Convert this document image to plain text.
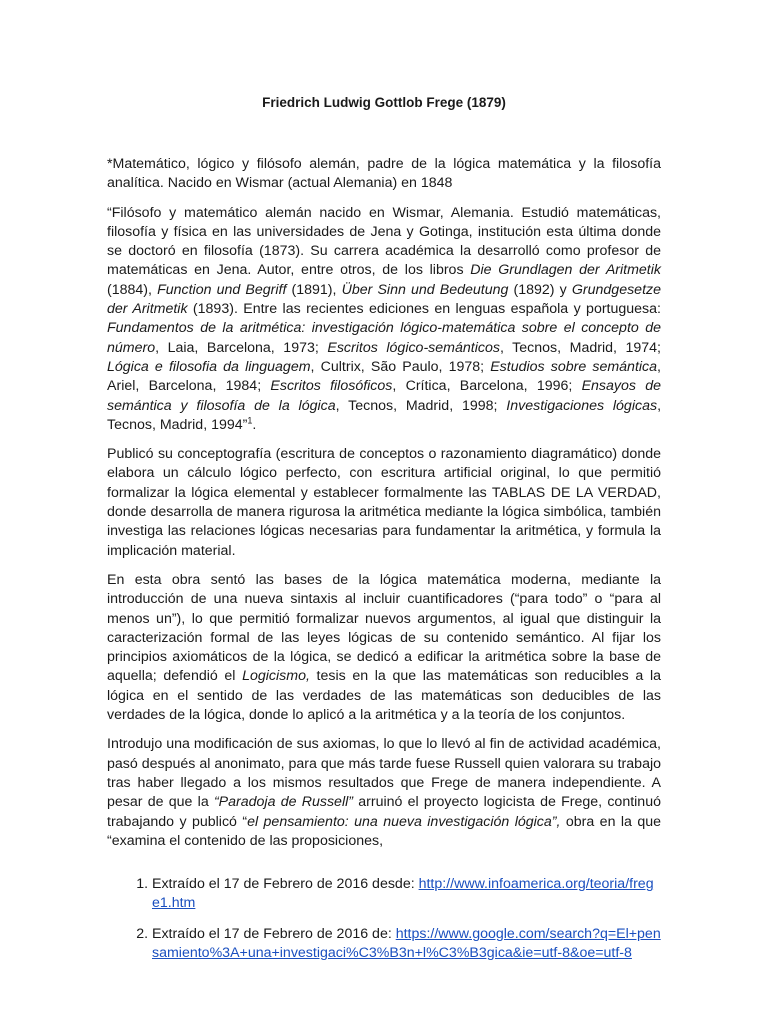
Friedrich Ludwig Gottlob Frege (1879)

*Matemático, lógico y filósofo alemán, padre de la lógica matemática y la filosofía analítica. Nacido en Wismar (actual Alemania) en 1848

“Filósofo y matemático alemán nacido en Wismar, Alemania. Estudió matemáticas, filosofía y física en las universidades de Jena y Gotinga, institución esta última donde se doctoró en filosofía (1873). Su carrera académica la desarrolló como profesor de matemáticas en Jena. Autor, entre otros, de los libros Die Grundlagen der Aritmetik (1884), Function und Begriff (1891), Über Sinn und Bedeutung (1892) y Grundgesetze der Aritmetik (1893). Entre las recientes ediciones en lenguas española y portuguesa: Fundamentos de la aritmética: investigación lógico-matemática sobre el concepto de número, Laia, Barcelona, 1973; Escritos lógico-semánticos, Tecnos, Madrid, 1974; Lógica e filosofia da linguagem, Cultrix, São Paulo, 1978; Estudios sobre semántica, Ariel, Barcelona, 1984; Escritos filosóficos, Crítica, Barcelona, 1996; Ensayos de semántica y filosofía de la lógica, Tecnos, Madrid, 1998; Investigaciones lógicas, Tecnos, Madrid, 1994”$^1$.

Publicó su conceptografía (escritura de conceptos o razonamiento diagramático) donde elabora un cálculo lógico perfecto, con escritura artificial original, lo que permitió formalizar la lógica elemental y establecer formalmente las TABLAS DE LA VERDAD, donde desarrolla de manera rigurosa la aritmética mediante la lógica simbólica, también investiga las relaciones lógicas necesarias para fundamentar la aritmética, y formula la implicación material.

En esta obra sentó las bases de la lógica matemática moderna, mediante la introducción de una nueva sintaxis al incluir cuantificadores (“para todo” o “para al menos un”), lo que permitió formalizar nuevos argumentos, al igual que distinguir la caracterización formal de las leyes lógicas de su contenido semántico. Al fijar los principios axiomáticos de la lógica, se dedicó a edificar la aritmética sobre la base de aquella; defendió el Logicismo, tesis en la que las matemáticas son reducibles a la lógica en el sentido de las verdades de las matemáticas son deducibles de las verdades de la lógica, donde lo aplicó a la aritmética y a la teoría de los conjuntos.

Introdujo una modificación de sus axiomas, lo que lo llevó al fin de actividad académica, pasó después al anonimato, para que más tarde fuese Russell quien valorara su trabajo tras haber llegado a los mismos resultados que Frege de manera independiente. A pesar de que la “Paradoja de Russell” arruinó el proyecto logicista de Frege, continuó trabajando y publicó “el pensamiento: una nueva investigación lógica”, obra en la que “examina el contenido de las proposiciones,

1. Extraído el 17 de Febrero de 2016 desde: http://www.infoamerica.org/teoria/frege1.htm
2. Extraído el 17 de Febrero de 2016 de: https://www.google.com/search?q=El+pensamiento%3A+una+investigaci%C3%B3n+l%C3%B3gica&ie=utf-8&oe=utf-8
